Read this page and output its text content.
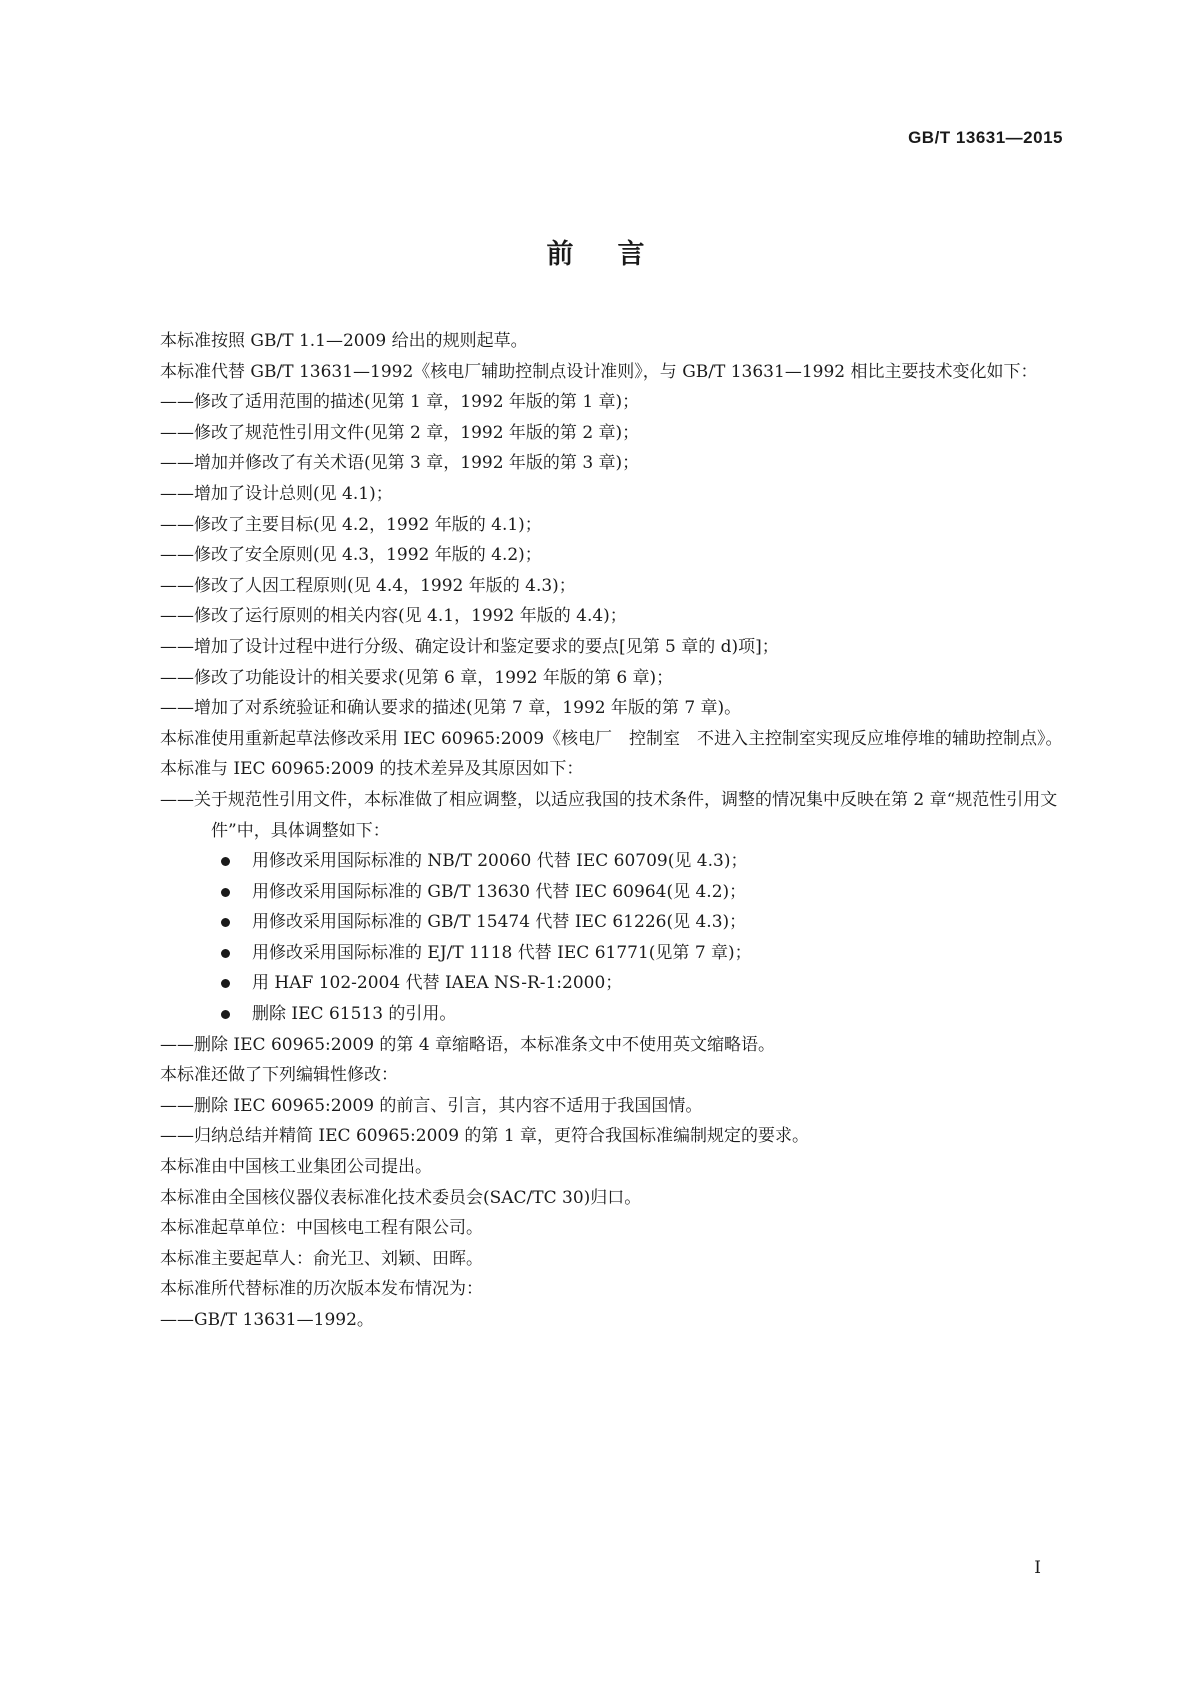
GB/T 13631—2015

前言

本标准按照 GB/T 1.1—2009 给出的规则起草。

本标准代替 GB/T 13631—1992《核电厂辅助控制点设计准则》，与 GB/T 13631—1992 相比主要技术变化如下：

——修改了适用范围的描述(见第 1 章，1992 年版的第 1 章)；

——修改了规范性引用文件(见第 2 章，1992 年版的第 2 章)；

——增加并修改了有关术语(见第 3 章，1992 年版的第 3 章)；

——增加了设计总则(见 4.1)；

——修改了主要目标(见 4.2，1992 年版的 4.1)；

——修改了安全原则(见 4.3，1992 年版的 4.2)；

——修改了人因工程原则(见 4.4，1992 年版的 4.3)；

——修改了运行原则的相关内容(见 4.1，1992 年版的 4.4)；

——增加了设计过程中进行分级、确定设计和鉴定要求的要点[见第 5 章的 d)项]；

——修改了功能设计的相关要求(见第 6 章，1992 年版的第 6 章)；

——增加了对系统验证和确认要求的描述(见第 7 章，1992 年版的第 7 章)。

本标准使用重新起草法修改采用 IEC 60965:2009《核电厂　控制室　不进入主控制室实现反应堆停堆的辅助控制点》。

本标准与 IEC 60965:2009 的技术差异及其原因如下：

——关于规范性引用文件，本标准做了相应调整，以适应我国的技术条件，调整的情况集中反映在第 2 章“规范性引用文件”中，具体调整如下：

用修改采用国际标准的 NB/T 20060 代替 IEC 60709(见 4.3)；
用修改采用国际标准的 GB/T 13630 代替 IEC 60964(见 4.2)；
用修改采用国际标准的 GB/T 15474 代替 IEC 61226(见 4.3)；
用修改采用国际标准的 EJ/T 1118 代替 IEC 61771(见第 7 章)；
用 HAF 102-2004 代替 IAEA NS-R-1:2000；
删除 IEC 61513 的引用。

——删除 IEC 60965:2009 的第 4 章缩略语，本标准条文中不使用英文缩略语。

本标准还做了下列编辑性修改：

——删除 IEC 60965:2009 的前言、引言，其内容不适用于我国国情。

——归纳总结并精简 IEC 60965:2009 的第 1 章，更符合我国标准编制规定的要求。

本标准由中国核工业集团公司提出。

本标准由全国核仪器仪表标准化技术委员会(SAC/TC 30)归口。

本标准起草单位：中国核电工程有限公司。

本标准主要起草人：俞光卫、刘颖、田晖。

本标准所代替标准的历次版本发布情况为：

——GB/T 13631—1992。

I
